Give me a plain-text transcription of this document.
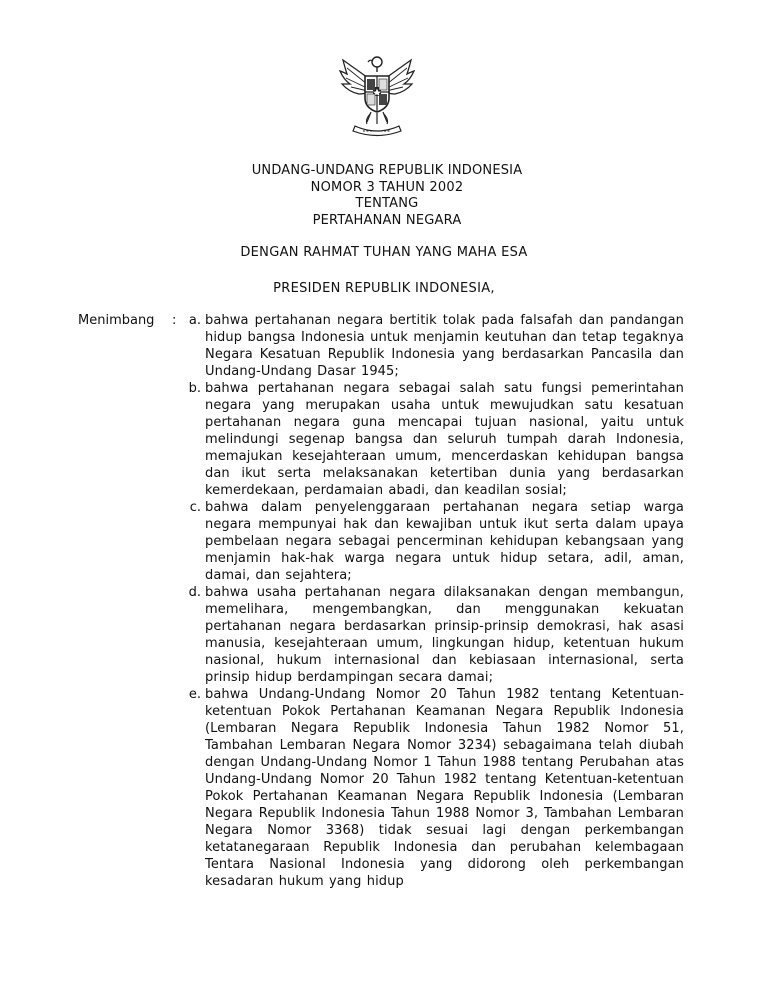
UNDANG-UNDANG REPUBLIK INDONESIA
NOMOR 3 TAHUN 2002
TENTANG
PERTAHANAN NEGARA
DENGAN RAHMAT TUHAN YANG MAHA ESA
PRESIDEN REPUBLIK INDONESIA,
Menimbang	: a. bahwa pertahanan negara bertitik tolak pada falsafah dan pandangan hidup bangsa Indonesia untuk menjamin keutuhan dan tetap tegaknya Negara Kesatuan Republik Indonesia yang berdasarkan Pancasila dan Undang-Undang Dasar 1945;
b. bahwa pertahanan negara sebagai salah satu fungsi pemerintahan negara yang merupakan usaha untuk mewujudkan satu kesatuan pertahanan negara guna mencapai tujuan nasional, yaitu untuk melindungi segenap bangsa dan seluruh tumpah darah Indonesia, memajukan kesejahteraan umum, mencerdaskan kehidupan bangsa dan ikut serta melaksanakan ketertiban dunia yang berdasarkan kemerdekaan, perdamaian abadi, dan keadilan sosial;
c. bahwa dalam penyelenggaraan pertahanan negara setiap warga negara mempunyai hak dan kewajiban untuk ikut serta dalam upaya pembelaan negara sebagai pencerminan kehidupan kebangsaan yang menjamin hak-hak warga negara untuk hidup setara, adil, aman, damai, dan sejahtera;
d. bahwa usaha pertahanan negara dilaksanakan dengan membangun, memelihara, mengembangkan, dan menggunakan kekuatan pertahanan negara berdasarkan prinsip-prinsip demokrasi, hak asasi manusia, kesejahteraan umum, lingkungan hidup, ketentuan hukum nasional, hukum internasional dan kebiasaan internasional, serta prinsip hidup berdampingan secara damai;
e. bahwa Undang-Undang Nomor 20 Tahun 1982 tentang Ketentuan-ketentuan Pokok Pertahanan Keamanan Negara Republik Indonesia (Lembaran Negara Republik Indonesia Tahun 1982 Nomor 51, Tambahan Lembaran Negara Nomor 3234) sebagaimana telah diubah dengan Undang-Undang Nomor 1 Tahun 1988 tentang Perubahan atas Undang-Undang Nomor 20 Tahun 1982 tentang Ketentuan-ketentuan Pokok Pertahanan Keamanan Negara Republik Indonesia (Lembaran Negara Republik Indonesia Tahun 1988 Nomor 3, Tambahan Lembaran Negara Nomor 3368) tidak sesuai lagi dengan perkembangan ketatanegaraan Republik Indonesia dan perubahan kelembagaan Tentara Nasional Indonesia yang didorong oleh perkembangan kesadaran hukum yang hidup
